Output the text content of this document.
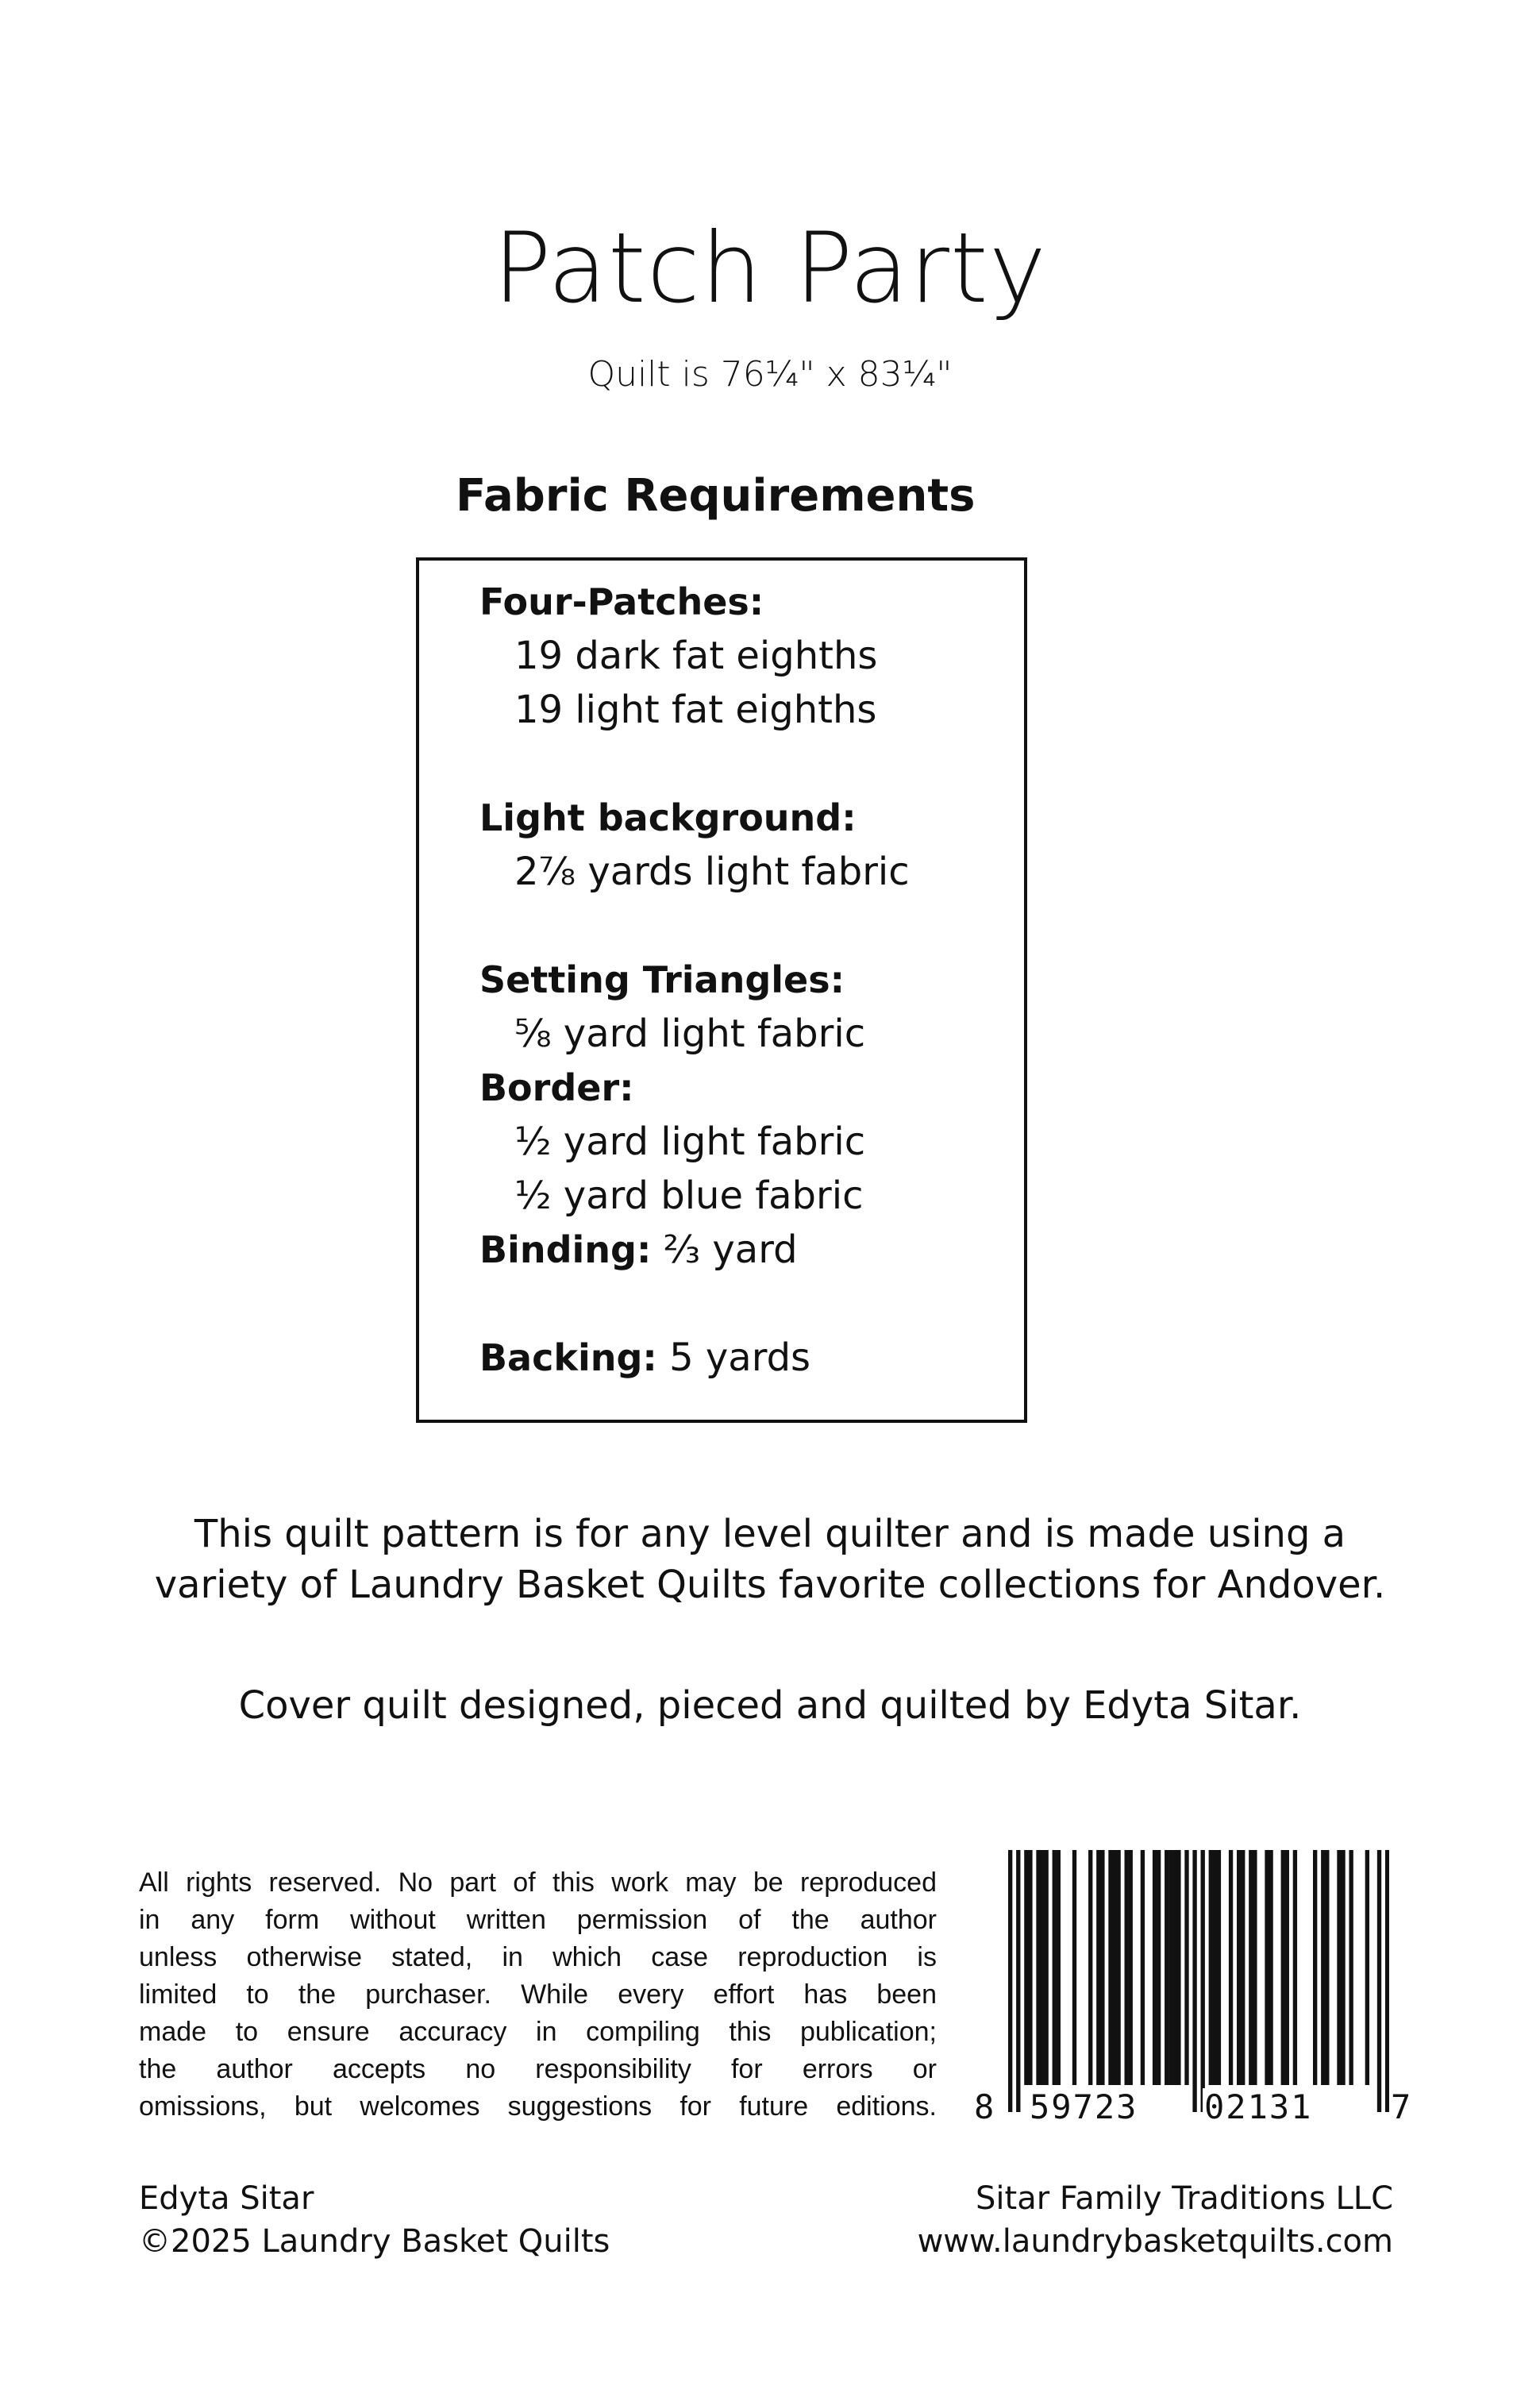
Patch Party
Quilt is 76¼" x 83¼"
Fabric Requirements
Four-Patches:
19 dark fat eighths
19 light fat eighths
Light background:
2⅞ yards light fabric
Setting Triangles:
⅝ yard light fabric
Border:
½ yard light fabric
½ yard blue fabric
Binding: ⅔ yard
Backing: 5 yards
This quilt pattern is for any level quilter and is made using a
variety of Laundry Basket Quilts favorite collections for Andover.
Cover quilt designed, pieced and quilted by Edyta Sitar.
All rights reserved. No part of this work may be reproduced
in any form without written permission of the author
unless otherwise stated, in which case reproduction is
limited to the purchaser. While every effort has been
made to ensure accuracy in compiling this publication;
the author accepts no responsibility for errors or
omissions, but welcomes suggestions for future editions. 8 59723 02131 7
Edyta Sitar
©2025 Laundry Basket Quilts
Sitar Family Traditions LLC
www.laundrybasketquilts.com
